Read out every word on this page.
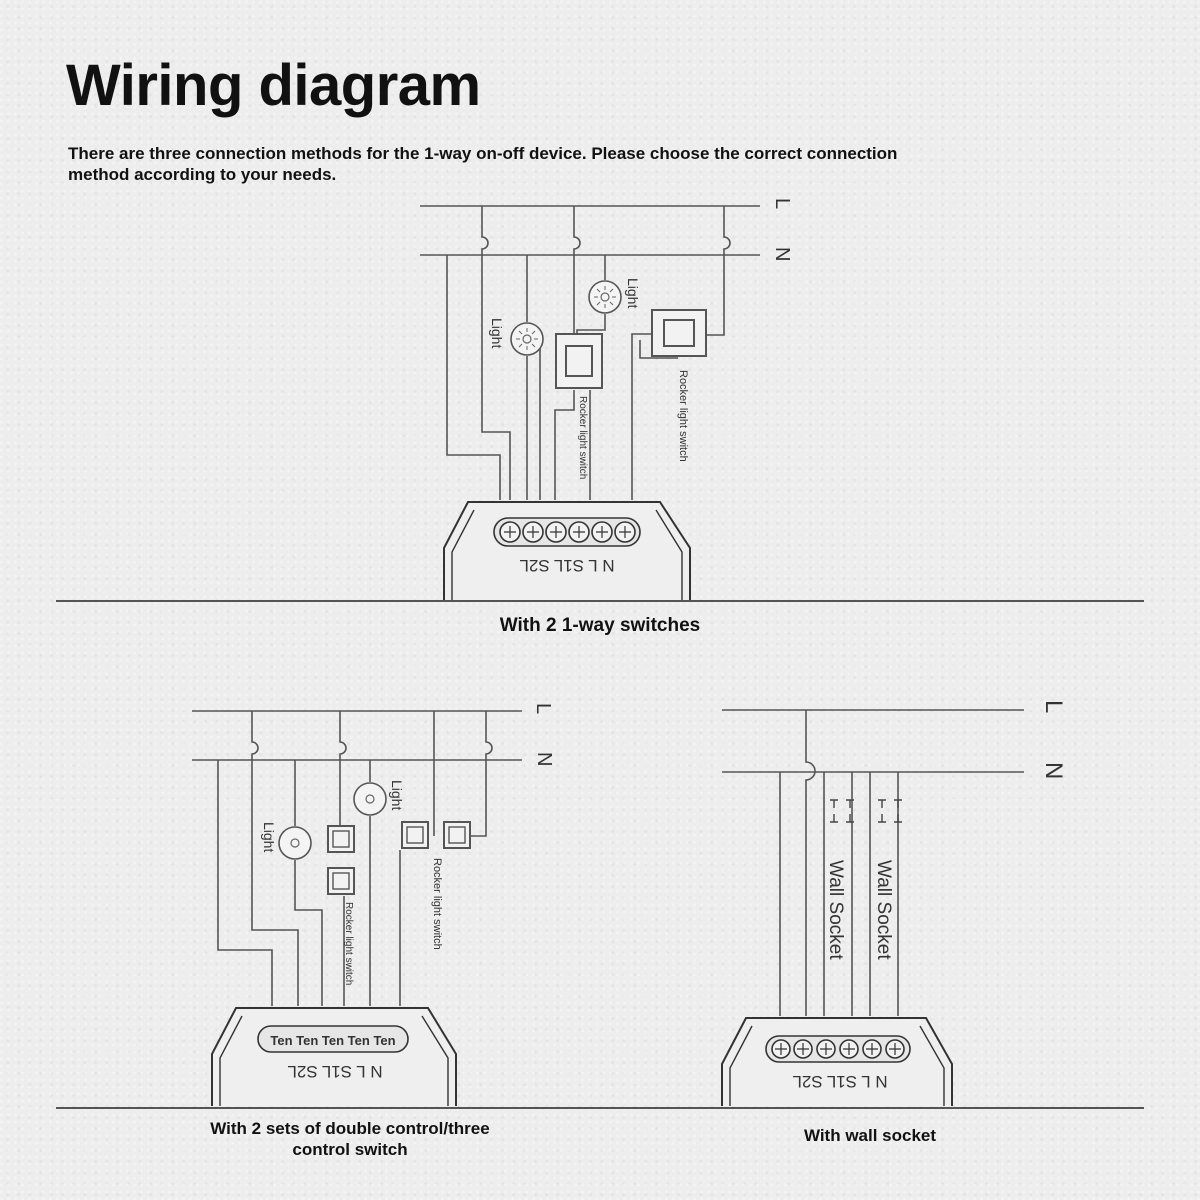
Wiring diagram
There are three connection methods for the 1-way on-off device. Please choose the correct connection method according to your needs.
L
N
Light
Light
Rocker light switch	Rocker light switch
N L S1L S2L
L
N
Light
Light
Rocker light switch	Rocker light switch
Ten Ten Ten Ten Ten
N L S1L S2L
L
N
Wall Socket Wall Socket
N L S1L S2L
With 2 1-way switches
With 2 sets of double control/three control switch
With wall socket
